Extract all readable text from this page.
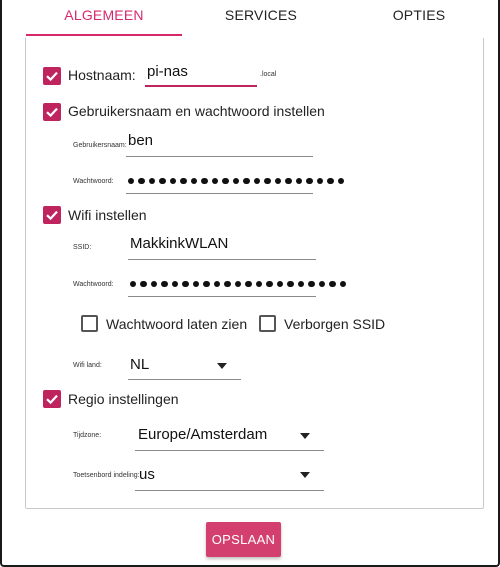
ALGEMEEN	SERVICES	OPTIES
Hostnaam: pi-nas	.local
Gebruikersnaam en wachtwoord instellen
Gebruikersnaam: ben
Wachtwoord:
Wifi instellen
SSID:	MakkinkWLAN
Wachtwoord:
Wachtwoord laten zien	Verborgen SSID
Wifi land: NL
Regio instellingen
Tijdzone: Europe/Amsterdam
Toetsenbord indeling: us
OPSLAAN
